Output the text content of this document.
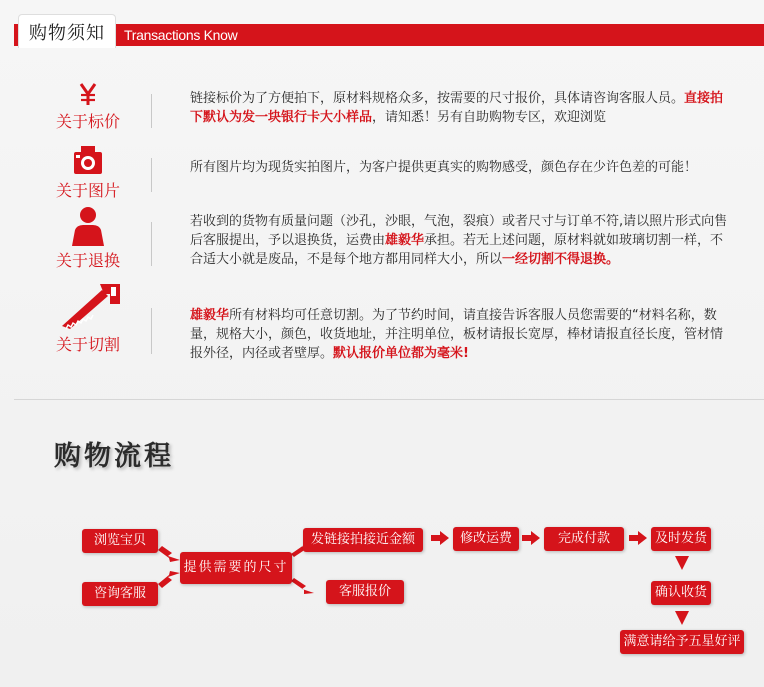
购物须知	Transactions Know
关于标价
链接标价为了方便拍下，原材料规格众多，按需要的尺寸报价，具体请咨询客服人员。直接拍下默认为发一块银行卡大小样品，请知悉！另有自助购物专区，欢迎浏览
关于图片
所有图片均为现货实拍图片，为客户提供更真实的购物感受，颜色存在少许色差的可能！
关于退换
若收到的货物有质量问题（沙孔，沙眼，气泡，裂痕）或者尺寸与订单不符,请以照片形式向售后客服提出，予以退换货，运费由雄毅华承担。若无上述问题，原材料就如玻璃切割一样，不合适大小就是废品，不是每个地方都用同样大小，所以一经切割不得退换。
关于切割
雄毅华所有材料均可任意切割。为了节约时间，请直接告诉客服人员您需要的“材料名称，数量，规格大小，颜色，收货地址，并注明单位，板材请报长宽厚，棒材请报直径长度，管材情报外径，内径或者壁厚。默认报价单位都为毫米!
购物流程
浏览宝贝
咨询客服
提供需要的尺寸
发链接拍接近金额
客服报价
修改运费	完成付款	及时发货
确认收货
满意请给予五星好评
